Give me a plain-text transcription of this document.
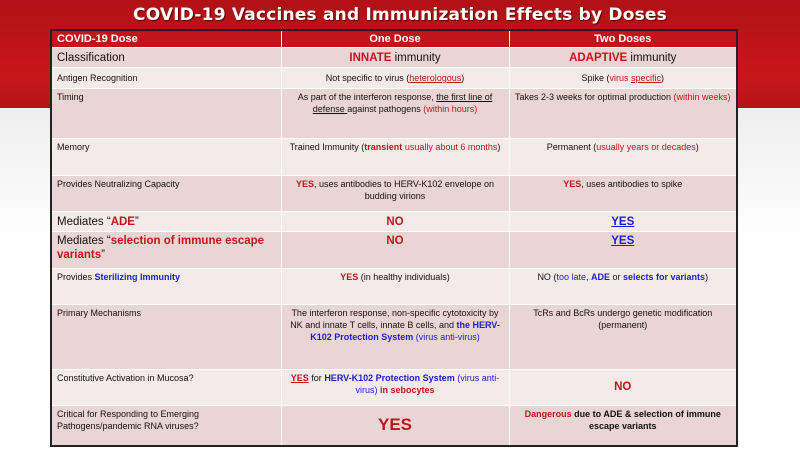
COVID-19 Vaccines and Immunization Effects by Doses
COVID-19 Dose	One Dose	Two Doses
Classification	INNATE immunity	ADAPTIVE immunity
Antigen Recognition	Not specific to virus (heterologous)	Spike (virus specific)
Timing	As part of the interferon response, the first line of defense against pathogens (within hours)	Takes 2-3 weeks for optimal production (within weeks)
Memory	Trained Immunity (transient usually about 6 months)	Permanent (usually years or decades)
Provides Neutralizing Capacity	YES, uses antibodies to HERV-K102 envelope on budding virions	YES, uses antibodies to spike
Mediates “ADE”	NO	YES
Mediates “selection of immune escape variants”	NO	YES
Provides Sterilizing Immunity	YES (in healthy individuals)	NO (too late, ADE or selects for variants)
Primary Mechanisms	The interferon response, non-specific cytotoxicity by NK and innate T cells, innate B cells, and the HERV-K102 Protection System (virus anti-virus)	TcRs and BcRs undergo genetic modification (permanent)
Constitutive Activation in Mucosa?	YES for HERV-K102 Protection System (virus anti-virus) in sebocytes	NO
Critical for Responding to Emerging Pathogens/pandemic RNA viruses?	YES	Dangerous due to ADE & selection of immune escape variants
